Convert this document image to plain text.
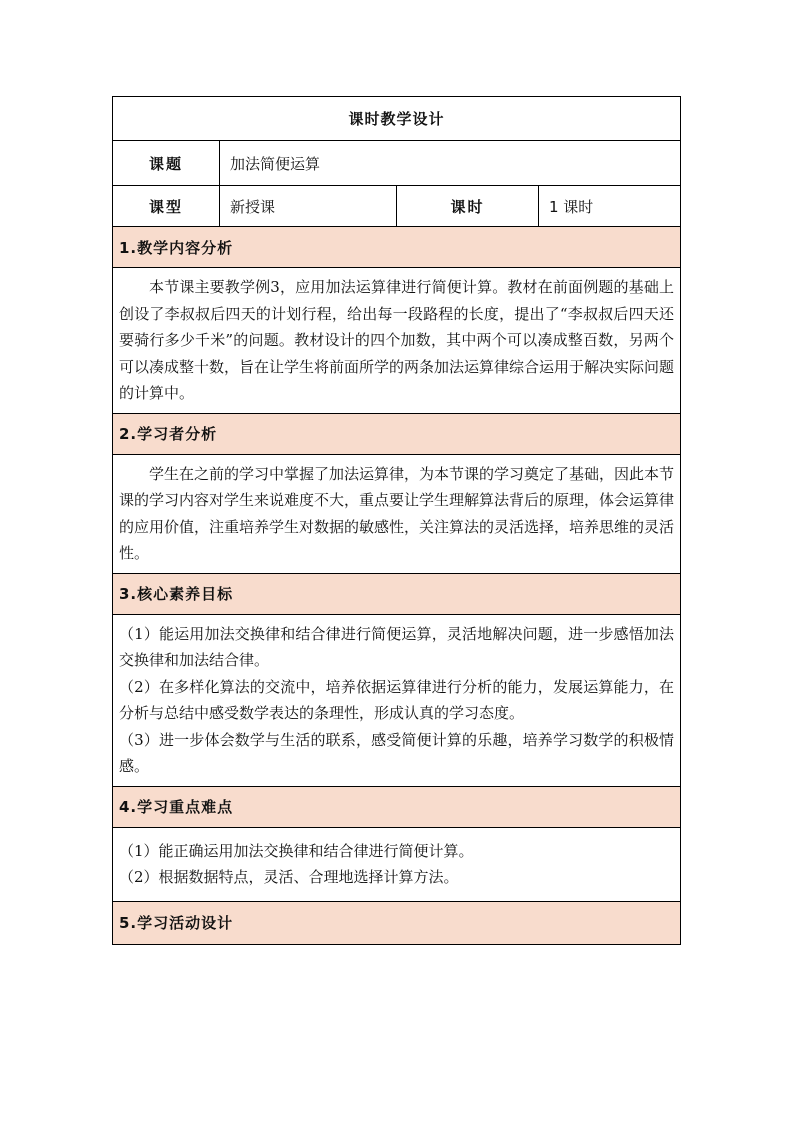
课时教学设计			
课题	加法简便运算		
课型	新授课	课时	1 课时
1.教学内容分析			

本节课主要教学例3，应用加法运算律进行简便计算。教材在前面例题的基础上创设了李叔叔后四天的计划行程，给出每一段路程的长度，提出了“李叔叔后四天还要骑行多少千米”的问题。教材设计的四个加数，其中两个可以凑成整百数，另两个可以凑成整十数，旨在让学生将前面所学的两条加法运算律综合运用于解决实际问题的计算中。			

2.学习者分析			

学生在之前的学习中掌握了加法运算律，为本节课的学习奠定了基础，因此本节课的学习内容对学生来说难度不大，重点要让学生理解算法背后的原理，体会运算律的应用价值，注重培养学生对数据的敏感性，关注算法的灵活选择，培养思维的灵活性。			

3.核心素养目标			

（1）能运用加法交换律和结合律进行简便运算，灵活地解决问题，进一步感悟加法交换律和加法结合律。

（2）在多样化算法的交流中，培养依据运算律进行分析的能力，发展运算能力，在分析与总结中感受数学表达的条理性，形成认真的学习态度。

（3）进一步体会数学与生活的联系，感受简便计算的乐趣，培养学习数学的积极情感。			

4.学习重点难点			

（1）能正确运用加法交换律和结合律进行简便计算。

（2）根据数据特点，灵活、合理地选择计算方法。			

5.学习活动设计			
